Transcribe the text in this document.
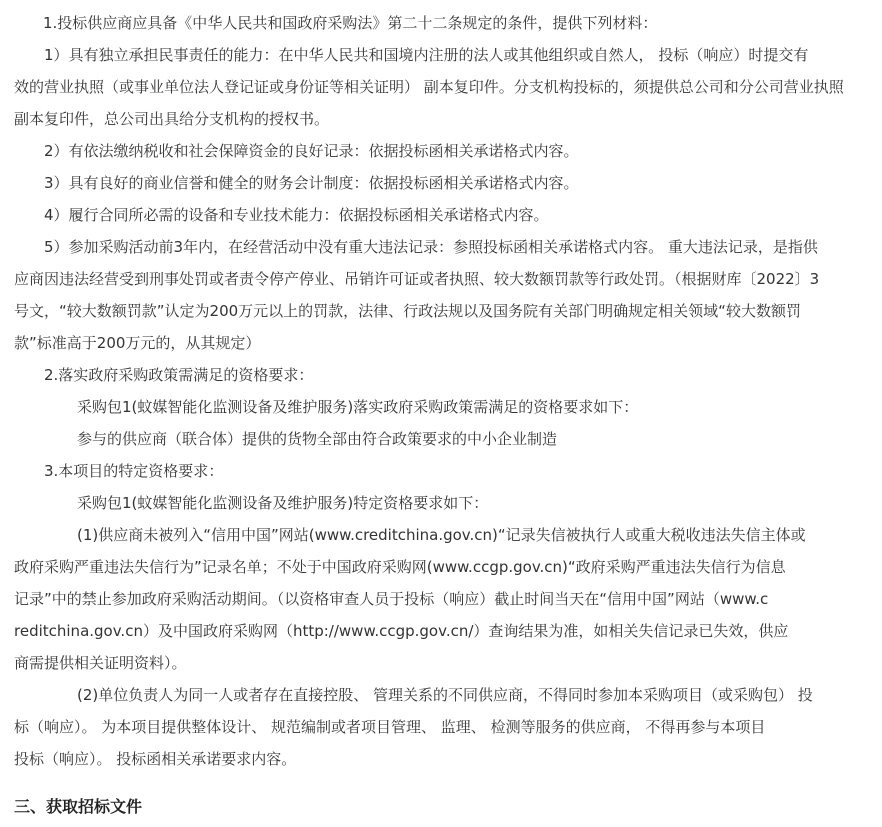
1.投标供应商应具备《中华人民共和国政府采购法》第二十二条规定的条件，提供下列材料：
1）具有独立承担民事责任的能力：在中华人民共和国境内注册的法人或其他组织或自然人， 投标（响应）时提交有
效的营业执照（或事业单位法人登记证或身份证等相关证明） 副本复印件。分支机构投标的，须提供总公司和分公司营业执照
副本复印件，总公司出具给分支机构的授权书。
2）有依法缴纳税收和社会保障资金的良好记录：依据投标函相关承诺格式内容。
3）具有良好的商业信誉和健全的财务会计制度：依据投标函相关承诺格式内容。
4）履行合同所必需的设备和专业技术能力：依据投标函相关承诺格式内容。
5）参加采购活动前3年内，在经营活动中没有重大违法记录：参照投标函相关承诺格式内容。 重大违法记录，是指供
应商因违法经营受到刑事处罚或者责令停产停业、吊销许可证或者执照、较大数额罚款等行政处罚。（根据财库〔2022〕3
号文，“较大数额罚款”认定为200万元以上的罚款，法律、行政法规以及国务院有关部门明确规定相关领域“较大数额罚
款”标准高于200万元的，从其规定）
2.落实政府采购政策需满足的资格要求：
采购包1(蚊媒智能化监测设备及维护服务)落实政府采购政策需满足的资格要求如下：
参与的供应商（联合体）提供的货物全部由符合政策要求的中小企业制造
3.本项目的特定资格要求：
采购包1(蚊媒智能化监测设备及维护服务)特定资格要求如下：
(1)供应商未被列入“信用中国”网站(www.creditchina.gov.cn)“记录失信被执行人或重大税收违法失信主体或
政府采购严重违法失信行为”记录名单；不处于中国政府采购网(www.ccgp.gov.cn)“政府采购严重违法失信行为信息
记录”中的禁止参加政府采购活动期间。（以资格审查人员于投标（响应）截止时间当天在“信用中国”网站（www.c
reditchina.gov.cn）及中国政府采购网（http://www.ccgp.gov.cn/）查询结果为准，如相关失信记录已失效，供应
商需提供相关证明资料）。
(2)单位负责人为同一人或者存在直接控股、 管理关系的不同供应商，不得同时参加本采购项目（或采购包） 投
标（响应）。 为本项目提供整体设计、 规范编制或者项目管理、 监理、 检测等服务的供应商， 不得再参与本项目
投标（响应）。 投标函相关承诺要求内容。
三、获取招标文件
